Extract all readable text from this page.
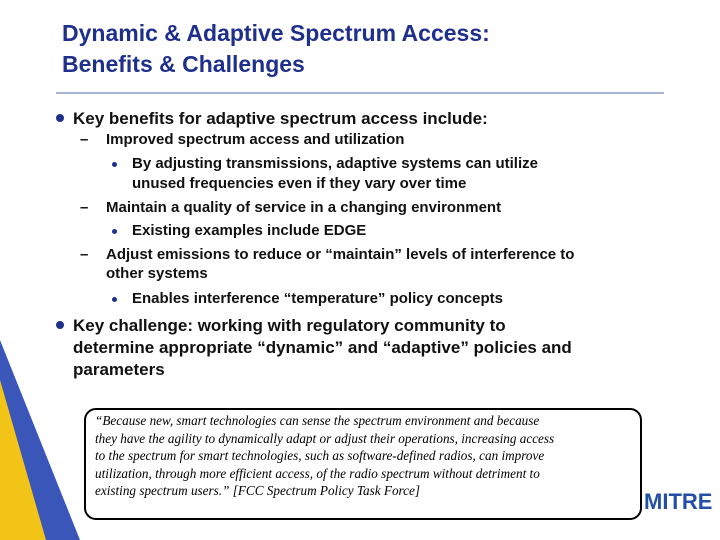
Dynamic & Adaptive Spectrum Access:
Benefits & Challenges
Key benefits for adaptive spectrum access include:
– Improved spectrum access and utilization
By adjusting transmissions, adaptive systems can utilize
unused frequencies even if they vary over time
– Maintain a quality of service in a changing environment
Existing examples include EDGE
– Adjust emissions to reduce or “maintain” levels of interference to
other systems
Enables interference “temperature” policy concepts
Key challenge: working with regulatory community to
determine appropriate “dynamic” and “adaptive” policies and
parameters
“Because new, smart technologies can sense the spectrum environment and because
they have the agility to dynamically adapt or adjust their operations, increasing access
to the spectrum for smart technologies, such as software-defined radios, can improve
utilization, through more efficient access, of the radio spectrum without detriment to
existing spectrum users.” [FCC Spectrum Policy Task Force]	MITRE
